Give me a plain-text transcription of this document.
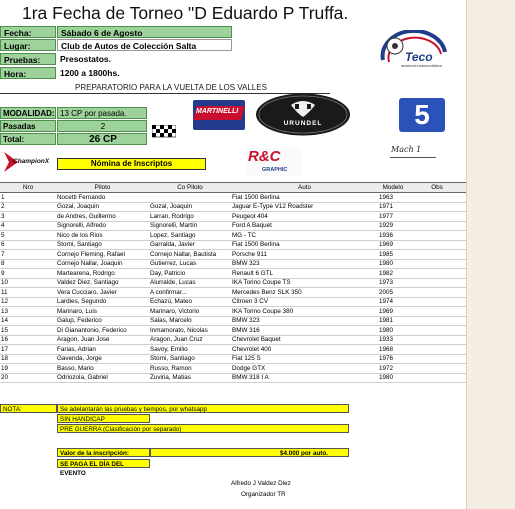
1ra Fecha de Torneo "D Eduardo P Truffa.
Fecha:	Sábado 6 de Agosto
Lugar:	Club de Autos de Colección Salta
Pruebas:	Presostatos.
Hora:	1200 a 1800hs.
PREPARATORIO PARA LA VUELTA DE LOS VALLES
Teco
asociación automovilística
MODALIDAD: 13 CP por pasada.
Pasadas	2
Total:	26 CP
MARTINELLI
URUNDEL	5
ChampionX	Nómina de Inscriptos	R&C
GRAPHIC
Mach 1
Nro	Piloto	Co Piloto	Auto	Modelo	Obs
1	Nocetti Fernando		Fiat 1500 Berlina	1963	
2	Gozal, Joaquin	Gozal, Joaquin	Jaguar E-Type V12 Roadster	1971	
3	de Andres, Guillermo	Larran, Rodrigo	Peugeot 404	1977	
4	Signorelli, Alfredo	Signorelli, Martín	Ford A Baquet	1929	
5	Nico de los Rios	Lopez, Santiago	MG - TC	1936	
6	Storni, Santiago	Garralda, Javier	Fiat 1500 Berlina	1969	
7	Cornejo Fleming, Rafael	Cornejo Nallar, Bautista	Porsche 911	1985	
8	Cornejo Nallar, Joaquin	Gutierrez, Lucas	BMW 323	1980	
9	Martearena, Rodrigo	Day, Patricio	Renault 6 GTL	1982	
10	Valdez Diez, Santiago	Alurralde, Lucas	IKA Torino Coupe TS	1973	
11	Vera Cucciaro, Javier	A confirmar...	Mercedes Benz SLK 350	2005	
12	Lardies, Segundo	Echazú, Mateo	Citroen 3 CV	1974	
13	Marinaro, Luis	Marinaro, Victorio	IKA Torino Coupe 380	1969	
14	Galup, Federico	Salas, Marcelo	BMW 323	1981	
15	Di Gianantonio, Federico	Inmamorato, Nicolas	BMW 316	1980	
16	Aragon, Juan Jose	Aragon, Juan Cruz	Chevrolet Baquet	1933	
17	Farias, Adrian	Savoy, Emilio	Chevrolet 400	1968	
18	Gavenda, Jorge	Storni, Santiago	Fiat 125 S	1976	
19	Basso, Mario	Russo, Ramon	Dodge GTX	1972	
20	Odriozola, Gabriel	Zuviria, Matias	BMW 318 I A	1980	
NOTA:	Se adelantarán las pruebas y tiempos, por whatsapp
SIN HANDICAP
PRE GUERRA (Clasificación por separado)
Valor de la inscripción:	$4.000 por auto.
SE PAGA EL DÍA DEL EVENTO
Alfredo J Valdez Diez
Organizador TR
